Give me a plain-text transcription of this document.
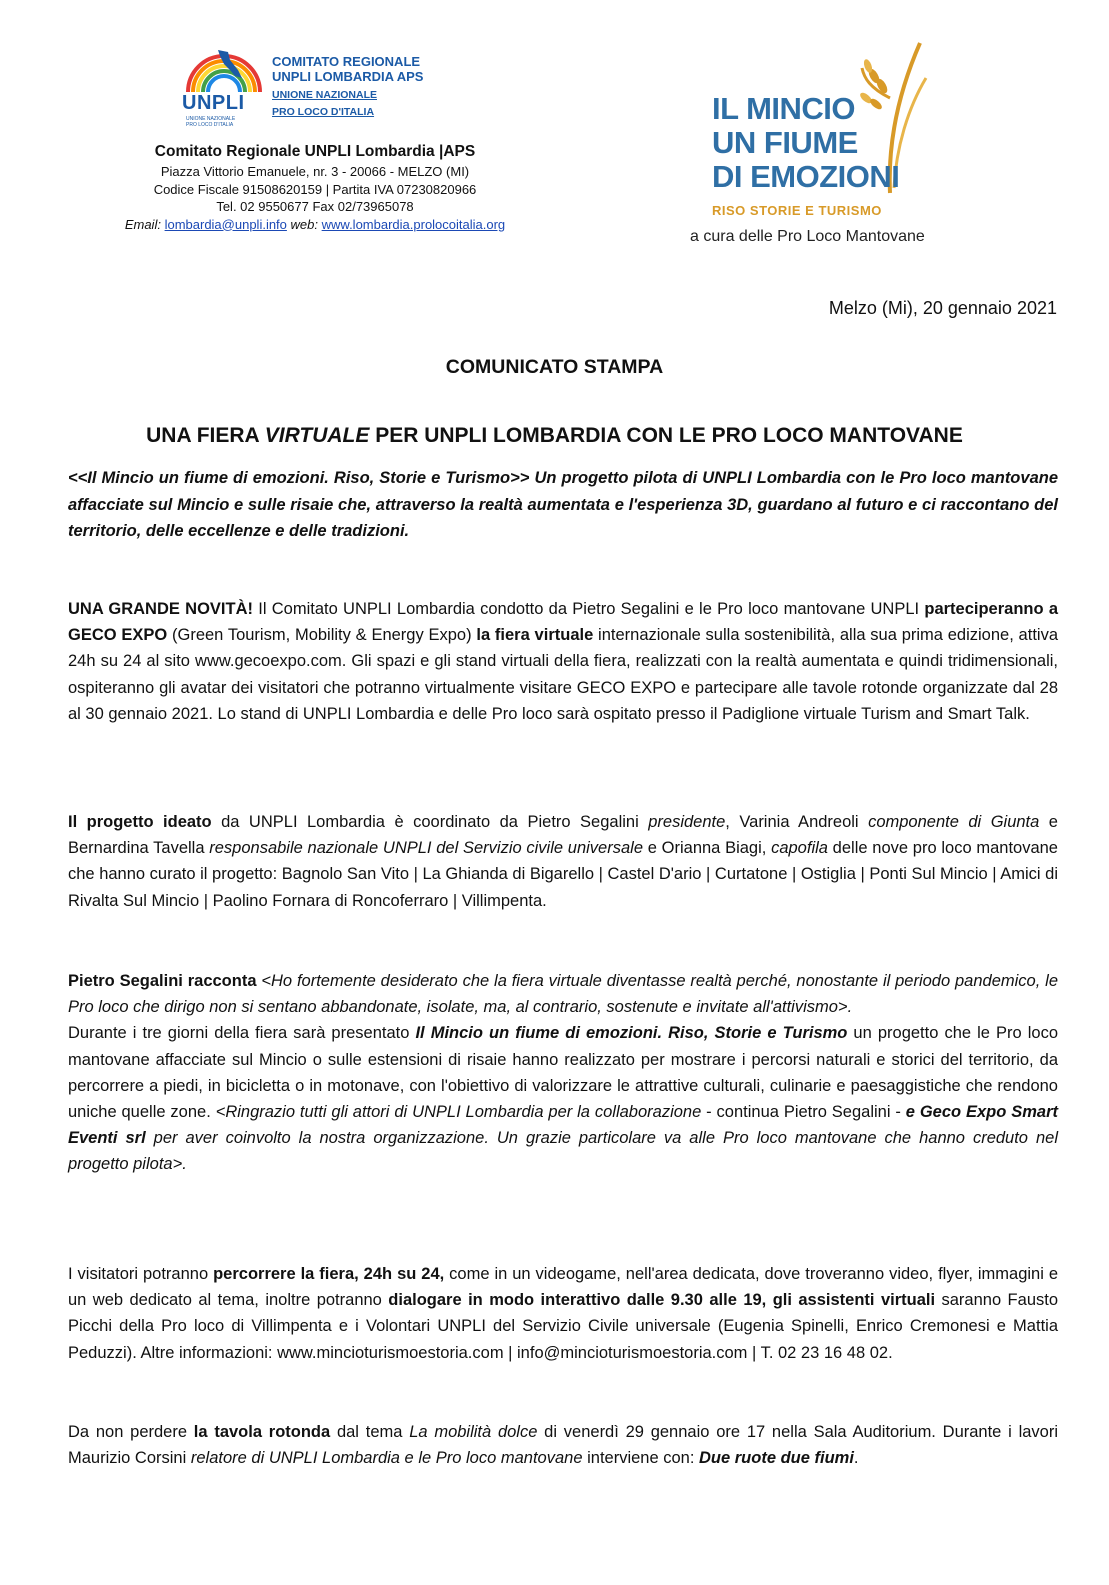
UNPLI
UNIONE NAZIONALE PRO LOCO D'ITALIA
COMITATO REGIONALE
UNPLI LOMBARDIA APS
UNIONE NAZIONALE
PRO LOCO D'ITALIA
Comitato Regionale UNPLI Lombardia |APS
Piazza Vittorio Emanuele, nr. 3 - 20066 - MELZO (MI)
Codice Fiscale 91508620159 | Partita IVA 07230820966
Tel. 02 9550677 Fax 02/73965078
Email: lombardia@unpli.info web: www.lombardia.prolocoitalia.org
IL MINCIO
UN FIUME
DI EMOZIONI
RISO STORIE E TURISMO
a cura delle Pro Loco Mantovane
Melzo (Mi), 20 gennaio 2021
COMUNICATO STAMPA
UNA FIERA VIRTUALE PER UNPLI LOMBARDIA CON LE PRO LOCO MANTOVANE
<<Il Mincio un fiume di emozioni. Riso, Storie e Turismo>> Un progetto pilota di UNPLI Lombardia con le Pro loco mantovane affacciate sul Mincio e sulle risaie che, attraverso la realtà aumentata e l'esperienza 3D, guardano al futuro e ci raccontano del territorio, delle eccellenze e delle tradizioni.
UNA GRANDE NOVITÀ! Il Comitato UNPLI Lombardia condotto da Pietro Segalini e le Pro loco mantovane UNPLI parteciperanno a GECO EXPO (Green Tourism, Mobility & Energy Expo) la fiera virtuale internazionale sulla sostenibilità, alla sua prima edizione, attiva 24h su 24 al sito www.gecoexpo.com. Gli spazi e gli stand virtuali della fiera, realizzati con la realtà aumentata e quindi tridimensionali, ospiteranno gli avatar dei visitatori che potranno virtualmente visitare GECO EXPO e partecipare alle tavole rotonde organizzate dal 28 al 30 gennaio 2021. Lo stand di UNPLI Lombardia e delle Pro loco sarà ospitato presso il Padiglione virtuale Turism and Smart Talk.
Il progetto ideato da UNPLI Lombardia è coordinato da Pietro Segalini presidente, Varinia Andreoli componente di Giunta e Bernardina Tavella responsabile nazionale UNPLI del Servizio civile universale e Orianna Biagi, capofila delle nove pro loco mantovane che hanno curato il progetto: Bagnolo San Vito | La Ghianda di Bigarello | Castel D'ario | Curtatone | Ostiglia | Ponti Sul Mincio | Amici di Rivalta Sul Mincio | Paolino Fornara di Roncoferraro | Villimpenta.
Pietro Segalini racconta <Ho fortemente desiderato che la fiera virtuale diventasse realtà perché, nonostante il periodo pandemico, le Pro loco che dirigo non si sentano abbandonate, isolate, ma, al contrario, sostenute e invitate all'attivismo>.
Durante i tre giorni della fiera sarà presentato Il Mincio un fiume di emozioni. Riso, Storie e Turismo un progetto che le Pro loco mantovane affacciate sul Mincio o sulle estensioni di risaie hanno realizzato per mostrare i percorsi naturali e storici del territorio, da percorrere a piedi, in bicicletta o in motonave, con l'obiettivo di valorizzare le attrattive culturali, culinarie e paesaggistiche che rendono uniche quelle zone. <Ringrazio tutti gli attori di UNPLI Lombardia per la collaborazione - continua Pietro Segalini - e Geco Expo Smart Eventi srl per aver coinvolto la nostra organizzazione. Un grazie particolare va alle Pro loco mantovane che hanno creduto nel progetto pilota>.
I visitatori potranno percorrere la fiera, 24h su 24, come in un videogame, nell'area dedicata, dove troveranno video, flyer, immagini e un web dedicato al tema, inoltre potranno dialogare in modo interattivo dalle 9.30 alle 19, gli assistenti virtuali saranno Fausto Picchi della Pro loco di Villimpenta e i Volontari UNPLI del Servizio Civile universale (Eugenia Spinelli, Enrico Cremonesi e Mattia Peduzzi). Altre informazioni: www.mincioturismoestoria.com | info@mincioturismoestoria.com | T. 02 23 16 48 02.
Da non perdere la tavola rotonda dal tema La mobilità dolce di venerdì 29 gennaio ore 17 nella Sala Auditorium. Durante i lavori Maurizio Corsini relatore di UNPLI Lombardia e le Pro loco mantovane interviene con: Due ruote due fiumi.
